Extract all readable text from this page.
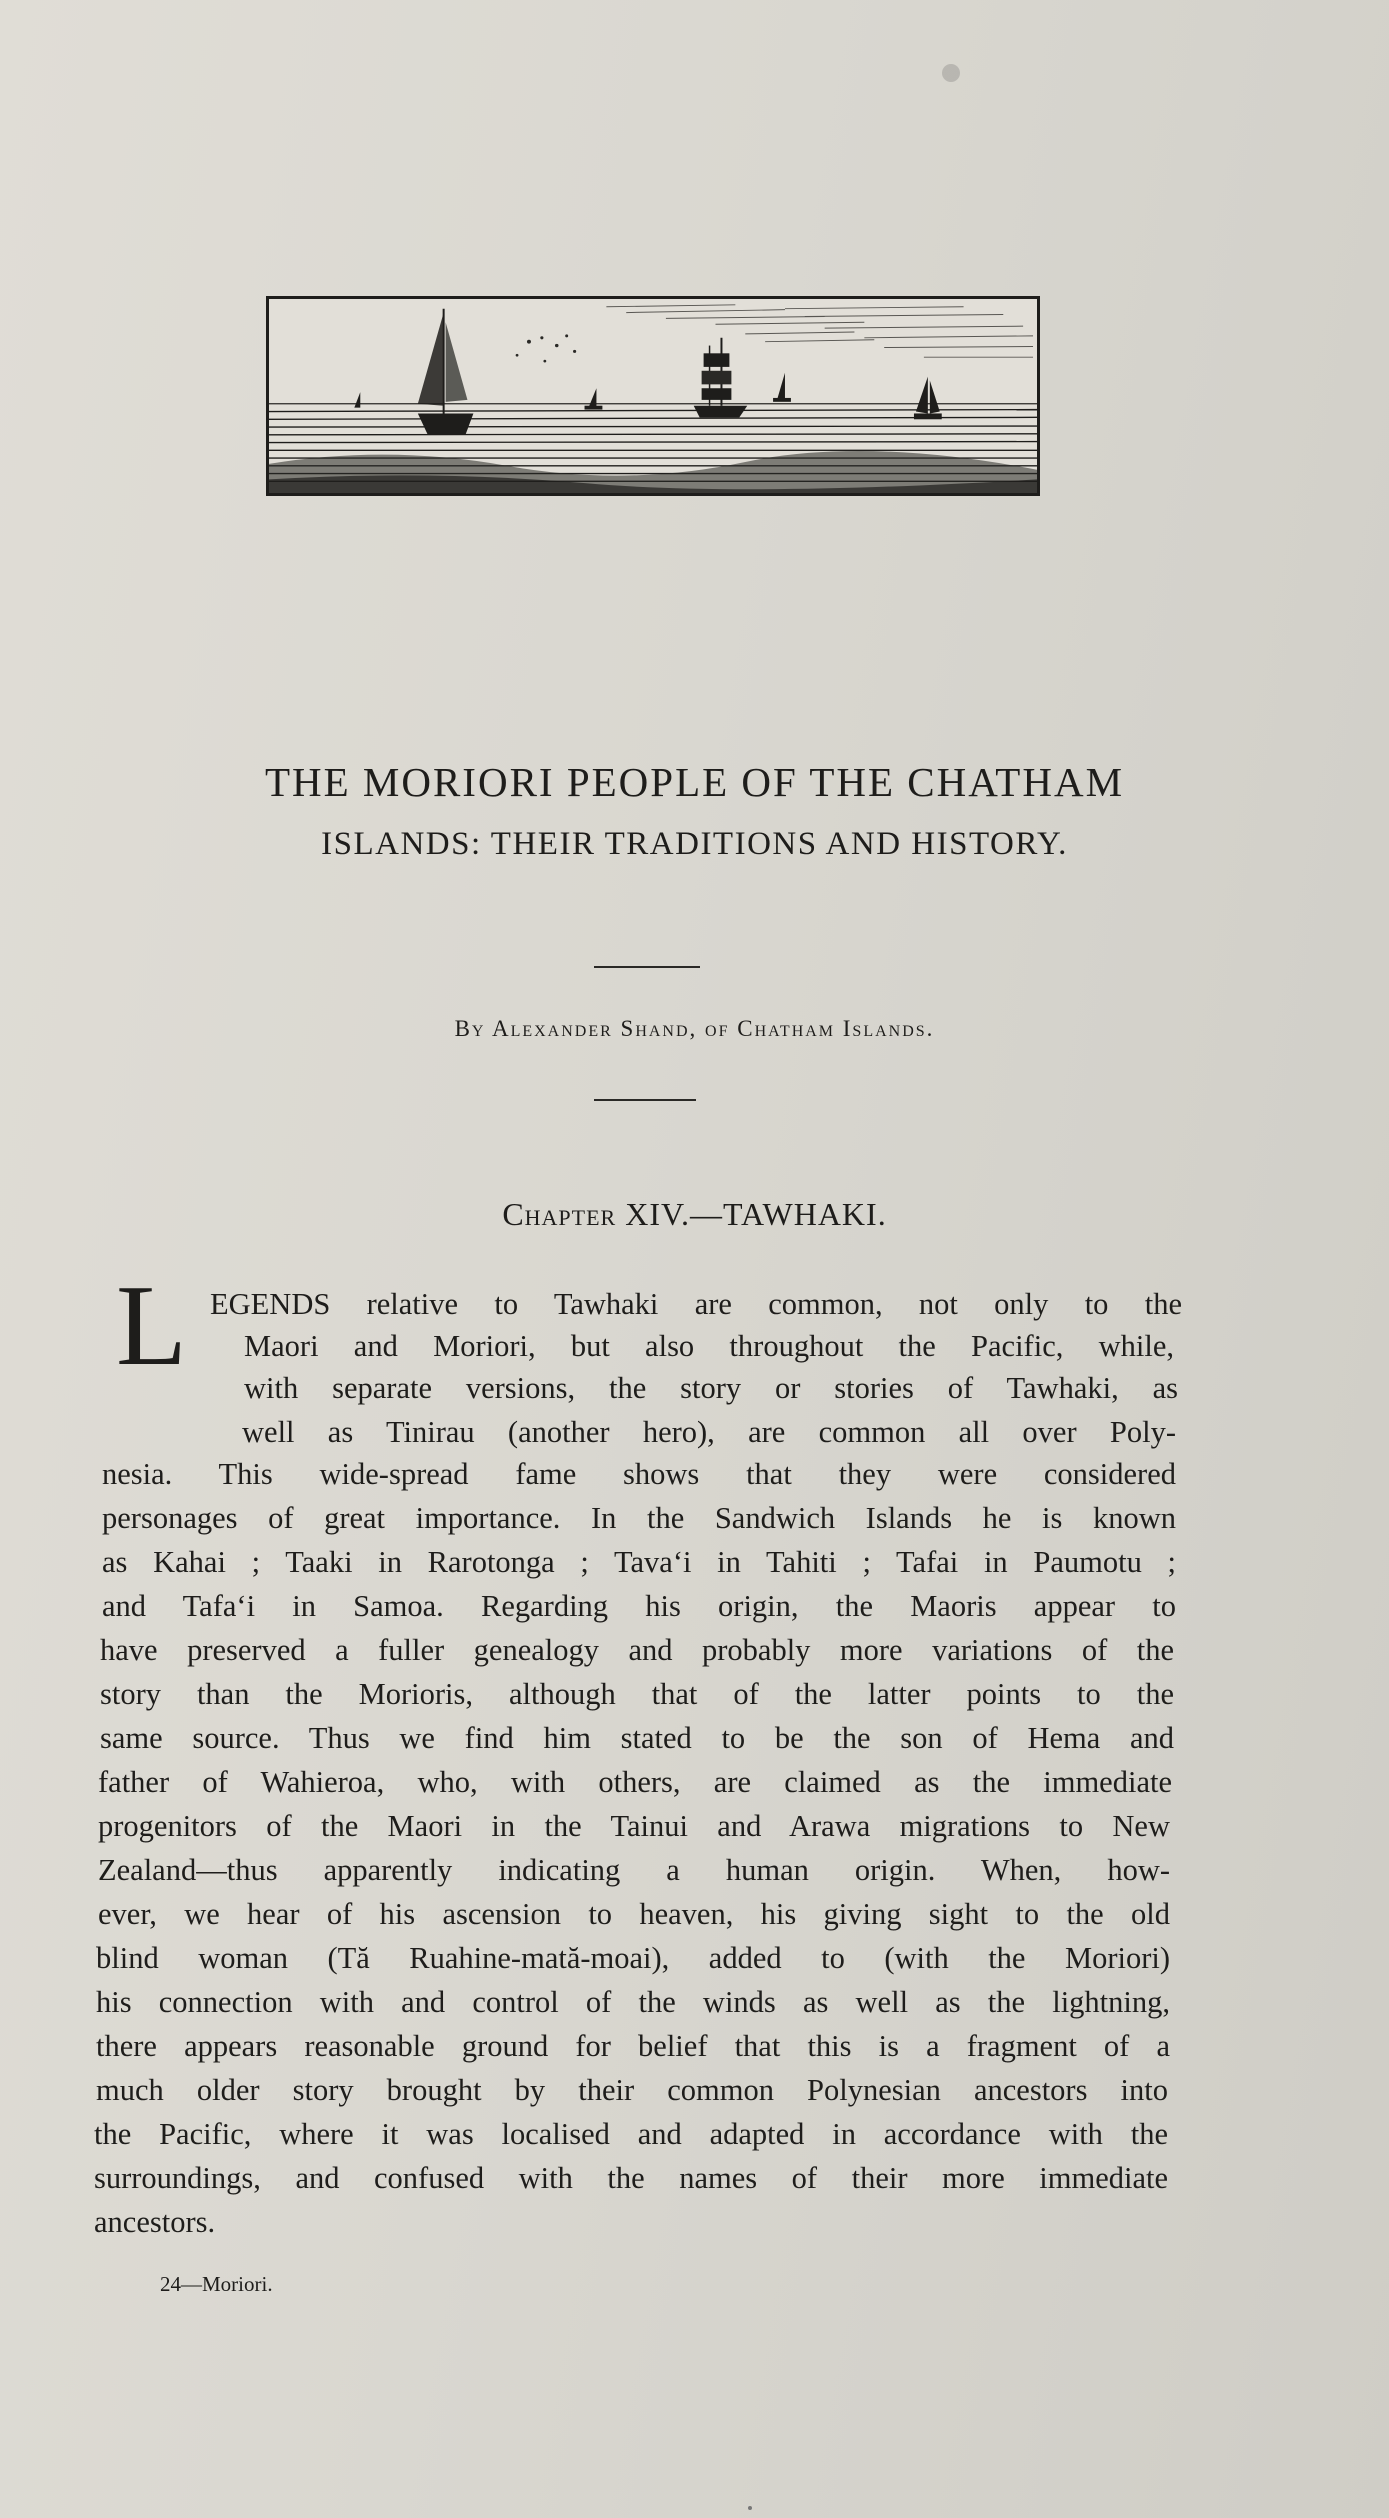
THE MORIORI PEOPLE OF THE CHATHAM
ISLANDS: THEIR TRADITIONS AND HISTORY.
By Alexander Shand, of Chatham Islands.
Chapter XIV.—TAWHAKI.
L EGENDS relative to Tawhaki are common, not only to the
Maori and Moriori, but also throughout the Pacific, while,
with separate versions, the story or stories of Tawhaki, as
well as Tinirau (another hero), are common all over Poly-
nesia. This wide-spread fame shows that they were considered
personages of great importance. In the Sandwich Islands he is known
as Kahai ; Taaki in Rarotonga ; Tava‘i in Tahiti ; Tafai in Paumotu ;
and Tafa‘i in Samoa. Regarding his origin, the Maoris appear to
have preserved a fuller genealogy and probably more variations of the
story than the Morioris, although that of the latter points to the
same source. Thus we find him stated to be the son of Hema and
father of Wahieroa, who, with others, are claimed as the immediate
progenitors of the Maori in the Tainui and Arawa migrations to New
Zealand—thus apparently indicating a human origin. When, how-
ever, we hear of his ascension to heaven, his giving sight to the old
blind woman (Tă Ruahine-mată-moai), added to (with the Moriori)
his connection with and control of the winds as well as the lightning,
there appears reasonable ground for belief that this is a fragment of a
much older story brought by their common Polynesian ancestors into
the Pacific, where it was localised and adapted in accordance with the
surroundings, and confused with the names of their more immediate
ancestors.
24—Moriori.
